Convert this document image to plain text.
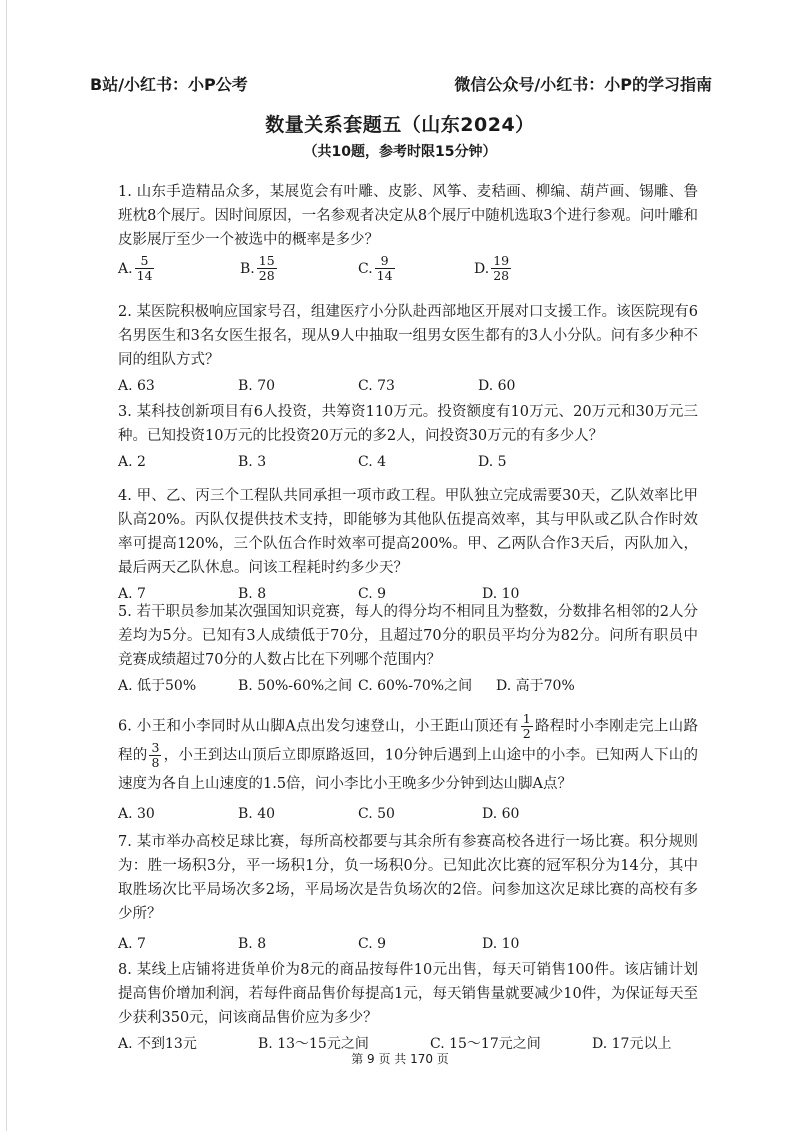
B站/小红书：小P公考	微信公众号/小红书：小P的学习指南
数量关系套题五（山东2024）
（共10题，参考时限15分钟）
1. 山东手造精品众多，某展览会有叶雕、皮影、风筝、麦秸画、柳编、葫芦画、锡雕、鲁班枕8个展厅。因时间原因，一名参观者决定从8个展厅中随机选取3个进行参观。问叶雕和皮影展厅至少一个被选中的概率是多少？
A. $\frac{5}{14}$	B. $\frac{15}{28}$	C. $\frac{9}{14}$	D. $\frac{19}{28}$
2. 某医院积极响应国家号召，组建医疗小分队赴西部地区开展对口支援工作。该医院现有6名男医生和3名女医生报名，现从9人中抽取一组男女医生都有的3人小分队。问有多少种不同的组队方式？
A. 63	B. 70	C. 73	D. 60
3. 某科技创新项目有6人投资，共筹资110万元。投资额度有10万元、20万元和30万元三种。已知投资10万元的比投资20万元的多2人，问投资30万元的有多少人？
A. 2	B. 3	C. 4	D. 5
4. 甲、乙、丙三个工程队共同承担一项市政工程。甲队独立完成需要30天，乙队效率比甲队高20%。丙队仅提供技术支持，即能够为其他队伍提高效率，其与甲队或乙队合作时效率可提高120%，三个队伍合作时效率可提高200%。甲、乙两队合作3天后，丙队加入，最后两天乙队休息。问该工程耗时约多少天？
A. 7	B. 8	C. 9	D. 10
5. 若干职员参加某次强国知识竞赛，每人的得分均不相同且为整数，分数排名相邻的2人分差均为5分。已知有3人成绩低于70分，且超过70分的职员平均分为82分。问所有职员中竞赛成绩超过70分的人数占比在下列哪个范围内？
A. 低于50%	B. 50%-60%之间 C. 60%-70%之间 D. 高于70%
6. 小王和小李同时从山脚A点出发匀速登山，小王距山顶还有 $\frac{1}{2}$ 路程时小李刚走完上山路程的 $\frac{3}{8}$ ，小王到达山顶后立即原路返回，10分钟后遇到上山途中的小李。已知两人下山的速度为各自上山速度的1.5倍，问小李比小王晚多少分钟到达山脚A点？
A. 30	B. 40	C. 50	D. 60
7. 某市举办高校足球比赛，每所高校都要与其余所有参赛高校各进行一场比赛。积分规则为：胜一场积3分，平一场积1分，负一场积0分。已知此次比赛的冠军积分为14分，其中取胜场次比平局场次多2场，平局场次是告负场次的2倍。问参加这次足球比赛的高校有多少所？
A. 7	B. 8	C. 9	D. 10
8. 某线上店铺将进货单价为8元的商品按每件10元出售，每天可销售100件。该店铺计划提高售价增加利润，若每件商品售价每提高1元，每天销售量就要减少10件，为保证每天至少获利350元，问该商品售价应为多少？
A. 不到13元	B. 13～15元之间	C. 15～17元之间	D. 17元以上
第 9 页 共 170 页
